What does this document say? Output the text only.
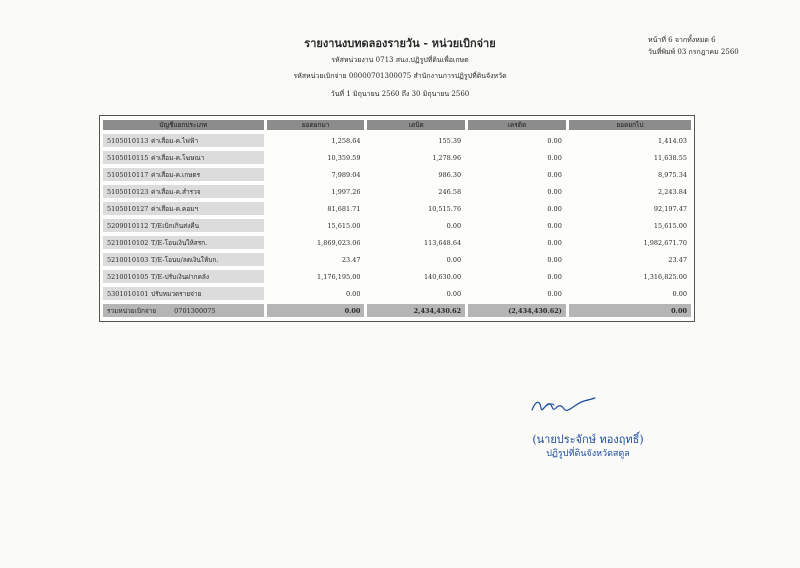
รายงานงบทดลองรายวัน - หน่วยเบิกจ่าย
รหัสหน่วยงาน 0713 สนง.ปฏิรูปที่ดินเพื่อเกษต
รหัสหน่วยเบิกจ่าย 00000701300075 สำนักงานการปฏิรูปที่ดินจังหวัด
วันที่ 1 มิถุนายน 2560 ถึง 30 มิถุนายน 2560
หน้าที่ 6 จากทั้งหมด 6
วันที่พิมพ์ 03 กรกฎาคม 2560
บัญชีแยกประเภท	ยอดยกมา	เดบิต	เครดิต	ยอดยกไป
5105010113 ค่าเสื่อม-ค.ไฟฟ้า	1,258.64	155.39	0.00	1,414.03
5105010115 ค่าเสื่อม-ค.โฆษณา	10,359.59	1,278.96	0.00	11,638.55
5105010117 ค่าเสื่อม-ค.เกษตร	7,989.04	986.30	0.00	8,975.34
5105010123 ค่าเสื่อม-ค.สำรวจ	1,997.26	246.58	0.00	2,243.84
5105010127 ค่าเสื่อม-ค.คอมฯ	81,681.71	10,515.76	0.00	92,197.47
5209010112 T/Eเบิกเกินส่งคืน	15,615.00	0.00	0.00	15,615.00
5210010102 T/E-โอนเงินให้สรก.	1,869,023.06	113,648.64	0.00	1,982,671.70
5210010103 T/E-โอนบ/ลดเงินให้บก.	23.47	0.00	0.00	23.47
5210010105 T/E-ปรับเงินฝากคลัง	1,176,195.00	140,630.00	0.00	1,316,825.00
5301010101 ปรับหมวดรายจ่าย	0.00	0.00	0.00	0.00
รวมหน่วยเบิกจ่าย 0701300075	0.00	2,434,430.62	(2,434,430.62)	0.00
(นายประจักษ์ ทองฤทธิ์)
ปฏิรูปที่ดินจังหวัดสตูล
